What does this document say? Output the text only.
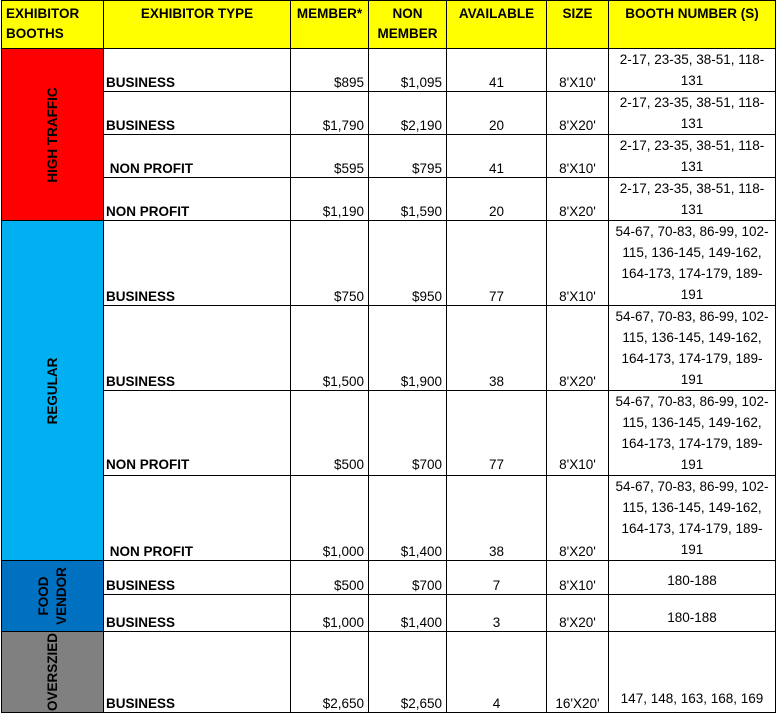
EXHIBITOR BOOTHS	EXHIBITOR TYPE	MEMBER*	NON MEMBER	AVAILABLE	SIZE	BOOTH NUMBER (S)

HIGH TRAFFIC	BUSINESS	$895	$1,095	41	8'X10'	2-17, 23-35, 38-51, 118-131
	BUSINESS	$1,790	$2,190	20	8'X20'	2-17, 23-35, 38-51, 118-131
	NON PROFIT	$595	$795	41	8'X10'	2-17, 23-35, 38-51, 118-131
	NON PROFIT	$1,190	$1,590	20	8'X20'	2-17, 23-35, 38-51, 118-131

REGULAR	BUSINESS	$750	$950	77	8'X10'	54-67, 70-83, 86-99, 102-115, 136-145, 149-162, 164-173, 174-179, 189-191
	BUSINESS	$1,500	$1,900	38	8'X20'	54-67, 70-83, 86-99, 102-115, 136-145, 149-162, 164-173, 174-179, 189-191
	NON PROFIT	$500	$700	77	8'X10'	54-67, 70-83, 86-99, 102-115, 136-145, 149-162, 164-173, 174-179, 189-191
	NON PROFIT	$1,000	$1,400	38	8'X20'	54-67, 70-83, 86-99, 102-115, 136-145, 149-162, 164-173, 174-179, 189-191

FOOD VENDOR	BUSINESS	$500	$700	7	8'X10'	180-188
	BUSINESS	$1,000	$1,400	3	8'X20'	180-188

OVERSZIED	BUSINESS	$2,650	$2,650	4	16'X20'	147, 148, 163, 168, 169
